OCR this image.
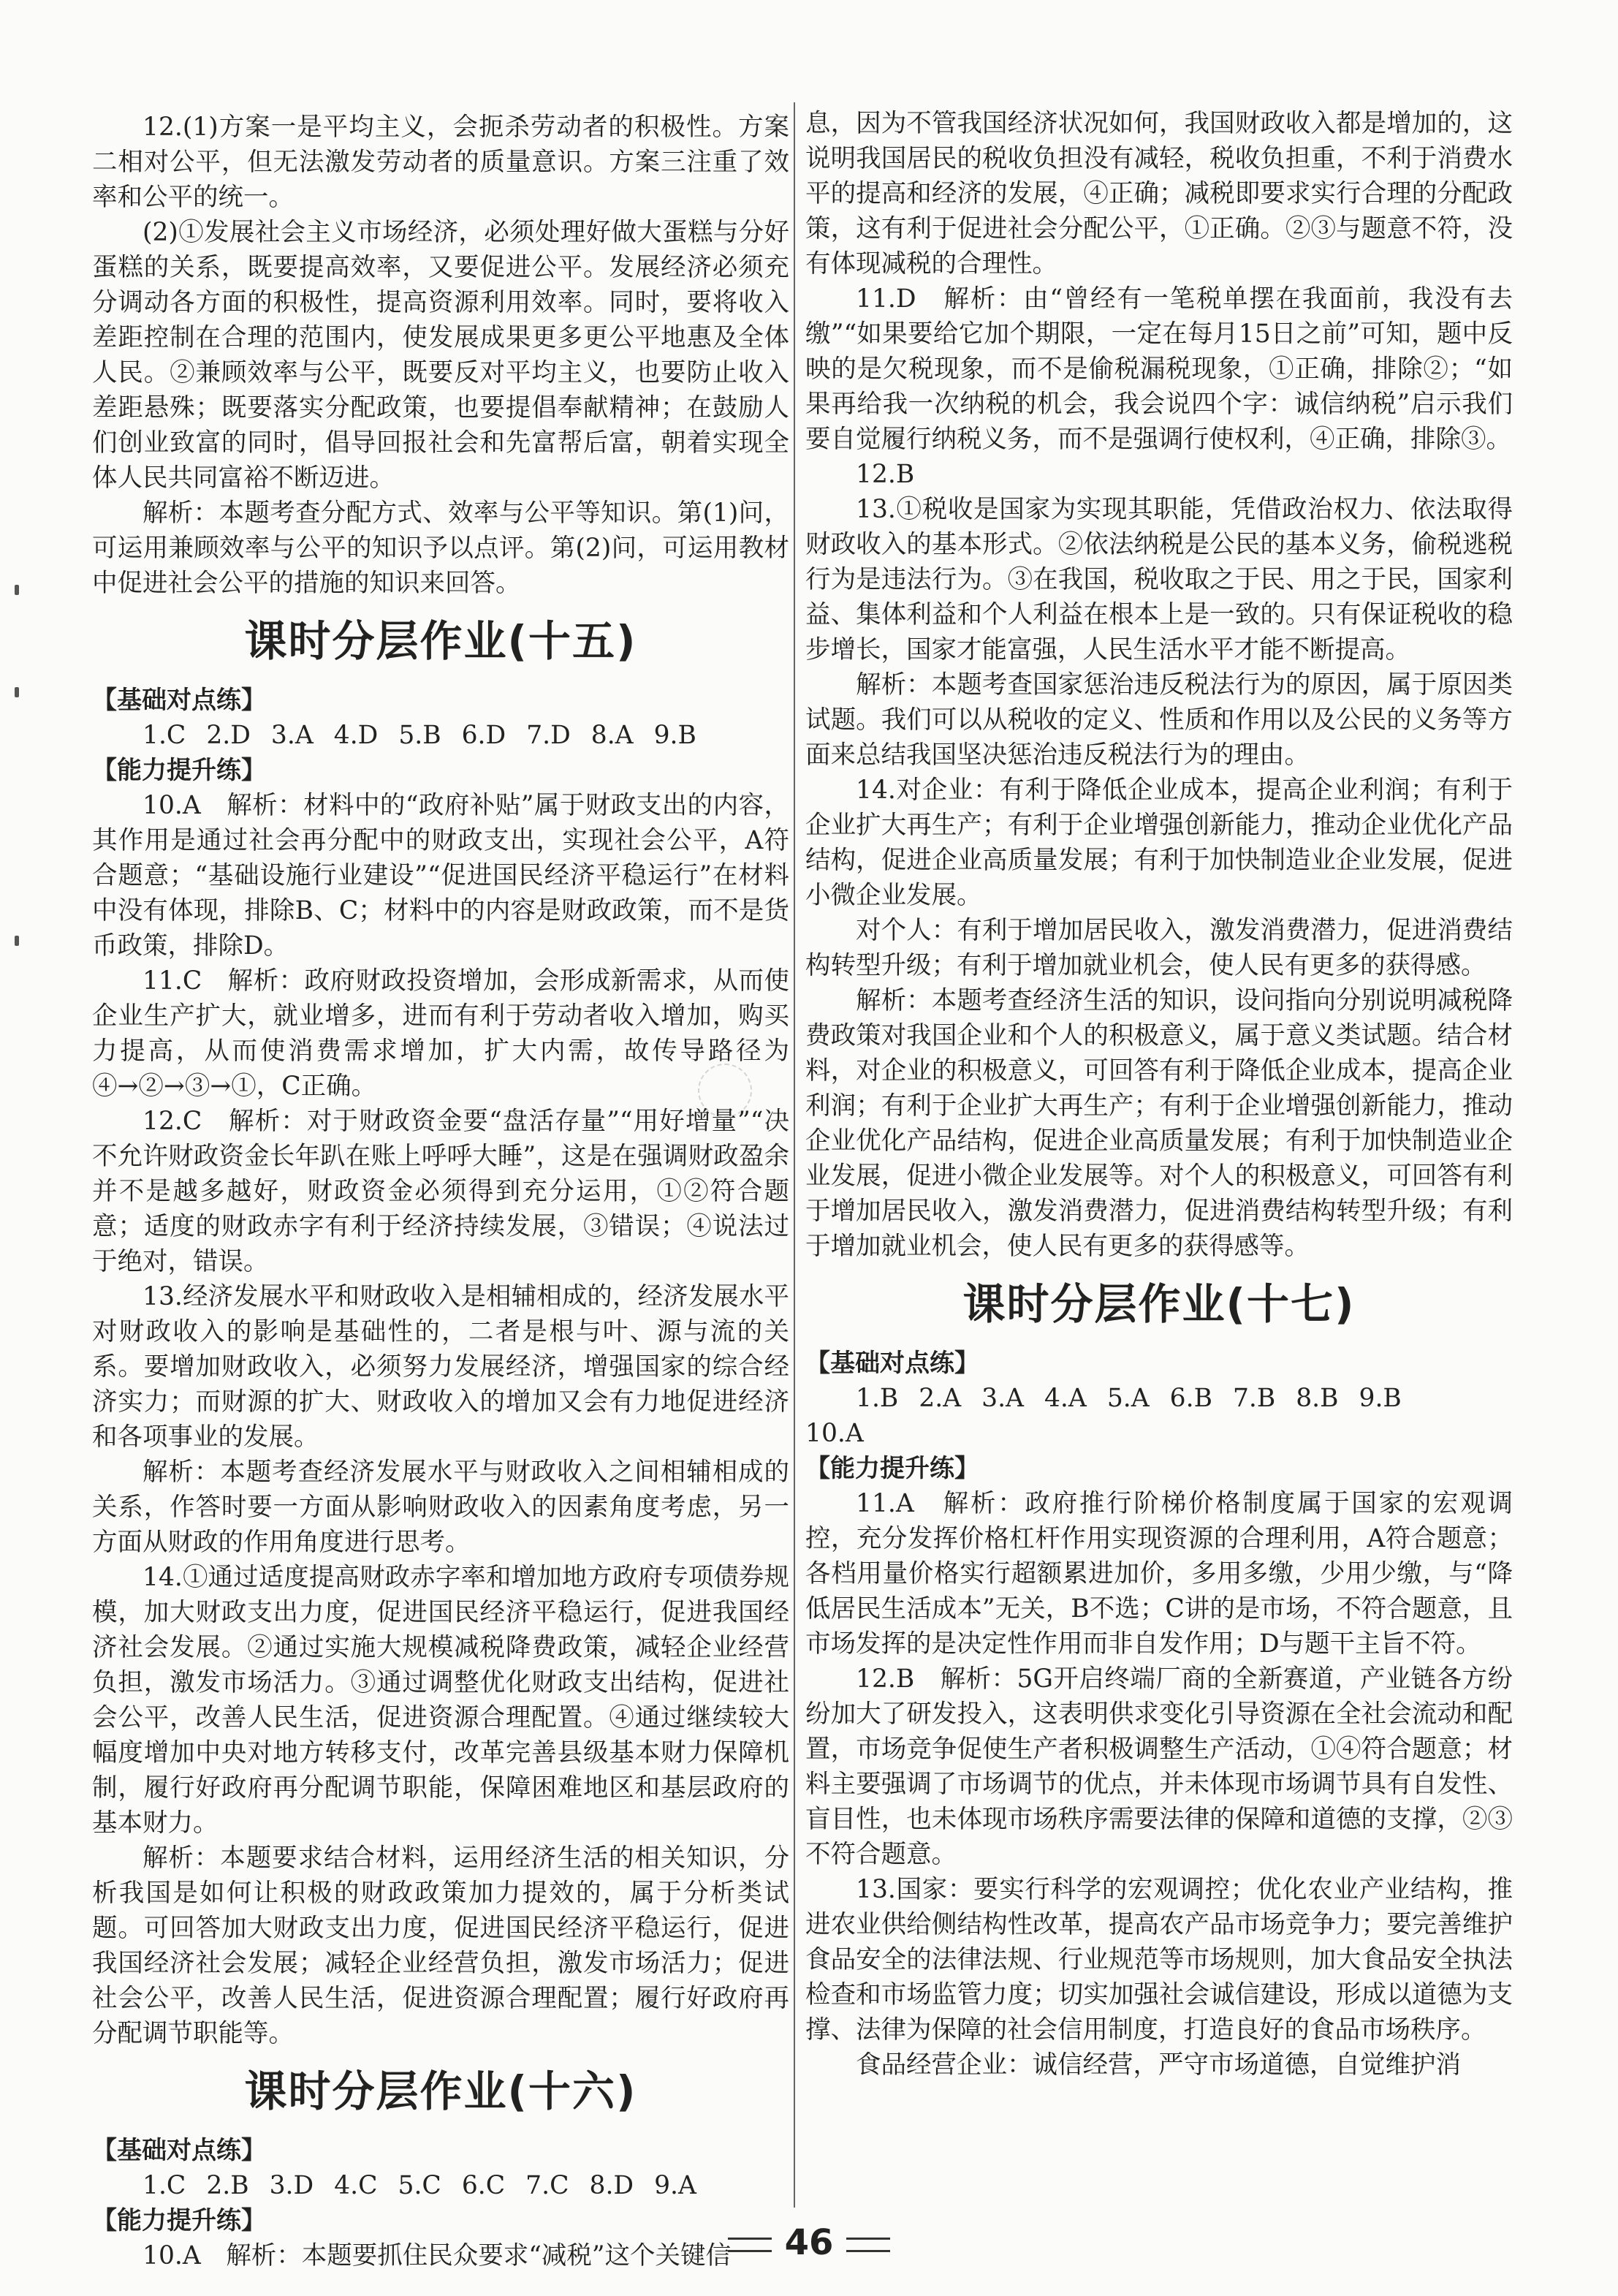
12.(1)方案一是平均主义，会扼杀劳动者的积极性。方案二相对公平，但无法激发劳动者的质量意识。方案三注重了效率和公平的统一。

(2)①发展社会主义市场经济，必须处理好做大蛋糕与分好蛋糕的关系，既要提高效率，又要促进公平。发展经济必须充分调动各方面的积极性，提高资源利用效率。同时，要将收入差距控制在合理的范围内，使发展成果更多更公平地惠及全体人民。②兼顾效率与公平，既要反对平均主义，也要防止收入差距悬殊；既要落实分配政策，也要提倡奉献精神；在鼓励人们创业致富的同时，倡导回报社会和先富帮后富，朝着实现全体人民共同富裕不断迈进。

解析：本题考查分配方式、效率与公平等知识。第(1)问，可运用兼顾效率与公平的知识予以点评。第(2)问，可运用教材中促进社会公平的措施的知识来回答。

课时分层作业(十五)

【基础对点练】

1.C 2.D 3.A 4.D 5.B 6.D 7.D 8.A 9.B

【能力提升练】

10.A　解析：材料中的“政府补贴”属于财政支出的内容，其作用是通过社会再分配中的财政支出，实现社会公平，A符合题意；“基础设施行业建设”“促进国民经济平稳运行”在材料中没有体现，排除B、C；材料中的内容是财政政策，而不是货币政策，排除D。

11.C　解析：政府财政投资增加，会形成新需求，从而使企业生产扩大，就业增多，进而有利于劳动者收入增加，购买力提高，从而使消费需求增加，扩大内需，故传导路径为④→②→③→①，C正确。

12.C　解析：对于财政资金要“盘活存量”“用好增量”“决不允许财政资金长年趴在账上呼呼大睡”，这是在强调财政盈余并不是越多越好，财政资金必须得到充分运用，①②符合题意；适度的财政赤字有利于经济持续发展，③错误；④说法过于绝对，错误。

13.经济发展水平和财政收入是相辅相成的，经济发展水平对财政收入的影响是基础性的，二者是根与叶、源与流的关系。要增加财政收入，必须努力发展经济，增强国家的综合经济实力；而财源的扩大、财政收入的增加又会有力地促进经济和各项事业的发展。

解析：本题考查经济发展水平与财政收入之间相辅相成的关系，作答时要一方面从影响财政收入的因素角度考虑，另一方面从财政的作用角度进行思考。

14.①通过适度提高财政赤字率和增加地方政府专项债券规模，加大财政支出力度，促进国民经济平稳运行，促进我国经济社会发展。②通过实施大规模减税降费政策，减轻企业经营负担，激发市场活力。③通过调整优化财政支出结构，促进社会公平，改善人民生活，促进资源合理配置。④通过继续较大幅度增加中央对地方转移支付，改革完善县级基本财力保障机制，履行好政府再分配调节职能，保障困难地区和基层政府的基本财力。

解析：本题要求结合材料，运用经济生活的相关知识，分析我国是如何让积极的财政政策加力提效的，属于分析类试题。可回答加大财政支出力度，促进国民经济平稳运行，促进我国经济社会发展；减轻企业经营负担，激发市场活力；促进社会公平，改善人民生活，促进资源合理配置；履行好政府再分配调节职能等。

课时分层作业(十六)

【基础对点练】

1.C 2.B 3.D 4.C 5.C 6.C 7.C 8.D 9.A

【能力提升练】

10.A　解析：本题要抓住民众要求“减税”这个关键信

息，因为不管我国经济状况如何，我国财政收入都是增加的，这说明我国居民的税收负担没有减轻，税收负担重，不利于消费水平的提高和经济的发展，④正确；减税即要求实行合理的分配政策，这有利于促进社会分配公平，①正确。②③与题意不符，没有体现减税的合理性。

11.D　解析：由“曾经有一笔税单摆在我面前，我没有去缴”“如果要给它加个期限，一定在每月15日之前”可知，题中反映的是欠税现象，而不是偷税漏税现象，①正确，排除②；“如果再给我一次纳税的机会，我会说四个字：诚信纳税”启示我们要自觉履行纳税义务，而不是强调行使权利，④正确，排除③。

12.B

13.①税收是国家为实现其职能，凭借政治权力、依法取得财政收入的基本形式。②依法纳税是公民的基本义务，偷税逃税行为是违法行为。③在我国，税收取之于民、用之于民，国家利益、集体利益和个人利益在根本上是一致的。只有保证税收的稳步增长，国家才能富强，人民生活水平才能不断提高。

解析：本题考查国家惩治违反税法行为的原因，属于原因类试题。我们可以从税收的定义、性质和作用以及公民的义务等方面来总结我国坚决惩治违反税法行为的理由。

14.对企业：有利于降低企业成本，提高企业利润；有利于企业扩大再生产；有利于企业增强创新能力，推动企业优化产品结构，促进企业高质量发展；有利于加快制造业企业发展，促进小微企业发展。

对个人：有利于增加居民收入，激发消费潜力，促进消费结构转型升级；有利于增加就业机会，使人民有更多的获得感。

解析：本题考查经济生活的知识，设问指向分别说明减税降费政策对我国企业和个人的积极意义，属于意义类试题。结合材料，对企业的积极意义，可回答有利于降低企业成本，提高企业利润；有利于企业扩大再生产；有利于企业增强创新能力，推动企业优化产品结构，促进企业高质量发展；有利于加快制造业企业发展，促进小微企业发展等。对个人的积极意义，可回答有利于增加居民收入，激发消费潜力，促进消费结构转型升级；有利于增加就业机会，使人民有更多的获得感等。

课时分层作业(十七)

【基础对点练】

1.B 2.A 3.A 4.A 5.A 6.B 7.B 8.B 9.B

10.A

【能力提升练】

11.A　解析：政府推行阶梯价格制度属于国家的宏观调控，充分发挥价格杠杆作用实现资源的合理利用，A符合题意；各档用量价格实行超额累进加价，多用多缴，少用少缴，与“降低居民生活成本”无关，B不选；C讲的是市场，不符合题意，且市场发挥的是决定性作用而非自发作用；D与题干主旨不符。

12.B　解析：5G开启终端厂商的全新赛道，产业链各方纷纷加大了研发投入，这表明供求变化引导资源在全社会流动和配置，市场竞争促使生产者积极调整生产活动，①④符合题意；材料主要强调了市场调节的优点，并未体现市场调节具有自发性、盲目性，也未体现市场秩序需要法律的保障和道德的支撑，②③不符合题意。

13.国家：要实行科学的宏观调控；优化农业产业结构，推进农业供给侧结构性改革，提高农产品市场竞争力；要完善维护食品安全的法律法规、行业规范等市场规则，加大食品安全执法检查和市场监管力度；切实加强社会诚信建设，形成以道德为支撑、法律为保障的社会信用制度，打造良好的食品市场秩序。

食品经营企业：诚信经营，严守市场道德，自觉维护消

46
